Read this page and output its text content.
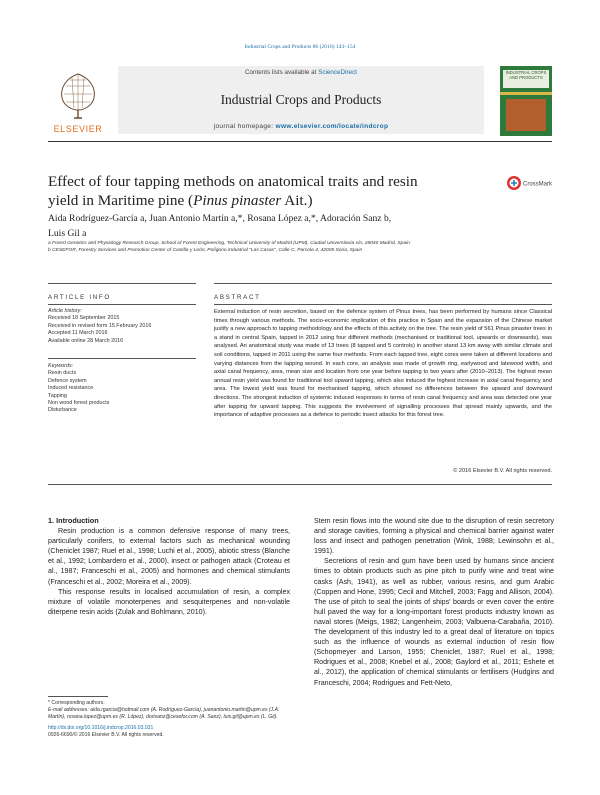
Industrial Crops and Products 86 (2016) 143–154
ELSEVIER
Contents lists available at ScienceDirect
Industrial Crops and Products
journal homepage: www.elsevier.com/locate/indcrop
INDUSTRIAL CROPS AND PRODUCTS
Effect of four tapping methods on anatomical traits and resin yield in Maritime pine (Pinus pinaster Ait.)
CrossMark
Aida Rodríguez-García a, Juan Antonio Martín a,*, Rosana López a,*, Adoración Sanz b,
Luis Gil a
a Forest Genetics and Physiology Research Group, School of Forest Engineering, Technical University of Madrid (UPM), Ciudad Universitaria s/n, 28040 Madrid, Spain
b CESEFOR, Forestry Services and Promotion Center of Castilla y León, Polígono Industrial "Las Casas", Calle C, Parcela 4, 42005 Soria, Spain
ARTICLE INFO	ABSTRACT
Article history:
Received 18 September 2015
Received in revised form 15 February 2016
Accepted 11 March 2016
Available online 28 March 2016
Keywords:
Resin ducts
Defence system
Induced resistance
Tapping
Non wood forest products
Disturbance
External induction of resin secretion, based on the defence system of Pinus trees, has been performed by humans since Classical times through various methods. The socio-economic implication of this practice in Spain and the expansion of the Chinese market justify a new approach to tapping methodology and the effects of this activity on the tree. The resin yield of 561 Pinus pinaster trees in a stand in central Spain, tapped in 2012 using four different methods (mechanised or traditional tool, upwards or downwards), was analysed. An anatomical study was made of 13 trees (8 tapped and 5 controls) in another stand 13 km away with similar climate and soil conditions, tapped in 2011 using the same four methods. From each tapped tree, eight cores were taken at different locations and varying distances from the tapping wound. In each core, an analysis was made of growth ring, earlywood and latewood width, and axial canal frequency, area, mean size and location from one year before tapping to two years after (2010–2013). The highest mean annual resin yield was found for traditional tool upward tapping, which also induced the highest increase in axial canal frequency and area. The lowest yield was found for mechanised tapping, which showed no differences between the upward and downward directions. The strongest induction of systemic induced responses in terms of resin canal frequency and area was detected one year after tapping for upward tapping. This suggests the involvement of signalling processes that spread mainly upwards, and the importance of adaptive processes as a defence to periodic insect attacks for this forest tree.
© 2016 Elsevier B.V. All rights reserved.

1. Introduction

Resin production is a common defensive response of many trees, particularly conifers, to external factors such as mechanical wounding (Cheniclet 1987; Ruel et al., 1998; Luchi et al., 2005), abiotic stress (Blanche et al., 1992; Lombardero et al., 2000), insect or pathogen attack (Croteau et al., 1987; Franceschi et al., 2005) and hormones and chemical stimulants (Franceschi et al., 2002; Moreira et al., 2009).

This response results in localised accumulation of resin, a complex mixture of volatile monoterpenes and sesquiterpenes and non-volatile diterpene resin acids (Zulak and Bohlmann, 2010).

Stem resin flows into the wound site due to the disruption of resin secretory and storage cavities, forming a physical and chemical barrier against water loss and insect and pathogen penetration (Wink, 1988; Lewinsohn et al., 1991).

Secretions of resin and gum have been used by humans since ancient times to obtain products such as pine pitch to purify wine and treat wine casks (Ash, 1941), as well as rubber, various resins, and gum Arabic (Coppen and Hone, 1995; Cecil and Mitchell, 2003; Fagg and Allison, 2004). The use of pitch to seal the joints of ships' boards or even cover the entire hull paved the way for a long-important forest products industry known as naval stores (Meigs, 1982; Langenheim, 2003; Valbuena-Carabaña, 2010). The development of this industry led to a great deal of literature on topics such as the influence of wounds as external induction of resin flow (Schopmeyer and Larson, 1955; Cheniclet, 1987; Ruel et al., 1998; Rodrigues et al., 2008; Knebel et al., 2008; Gaylord et al., 2011; Eshete et al., 2012), the application of chemical stimulants or fertilisers (Hudgins and Franceschi, 2004; Rodrigues and Fett-Neto,

* Corresponding authors.
E-mail addresses: aida.rgarcia@hotmail.com (A. Rodríguez-García), juanantonio.martin@upm.es (J.A. Martín), rosana.lopez@upm.es (R. López), dorisanz@cesefor.com (A. Sanz), luis.gil@upm.es (L. Gil).
http://dx.doi.org/10.1016/j.indcrop.2016.03.031
0926-6690/© 2016 Elsevier B.V. All rights reserved.
